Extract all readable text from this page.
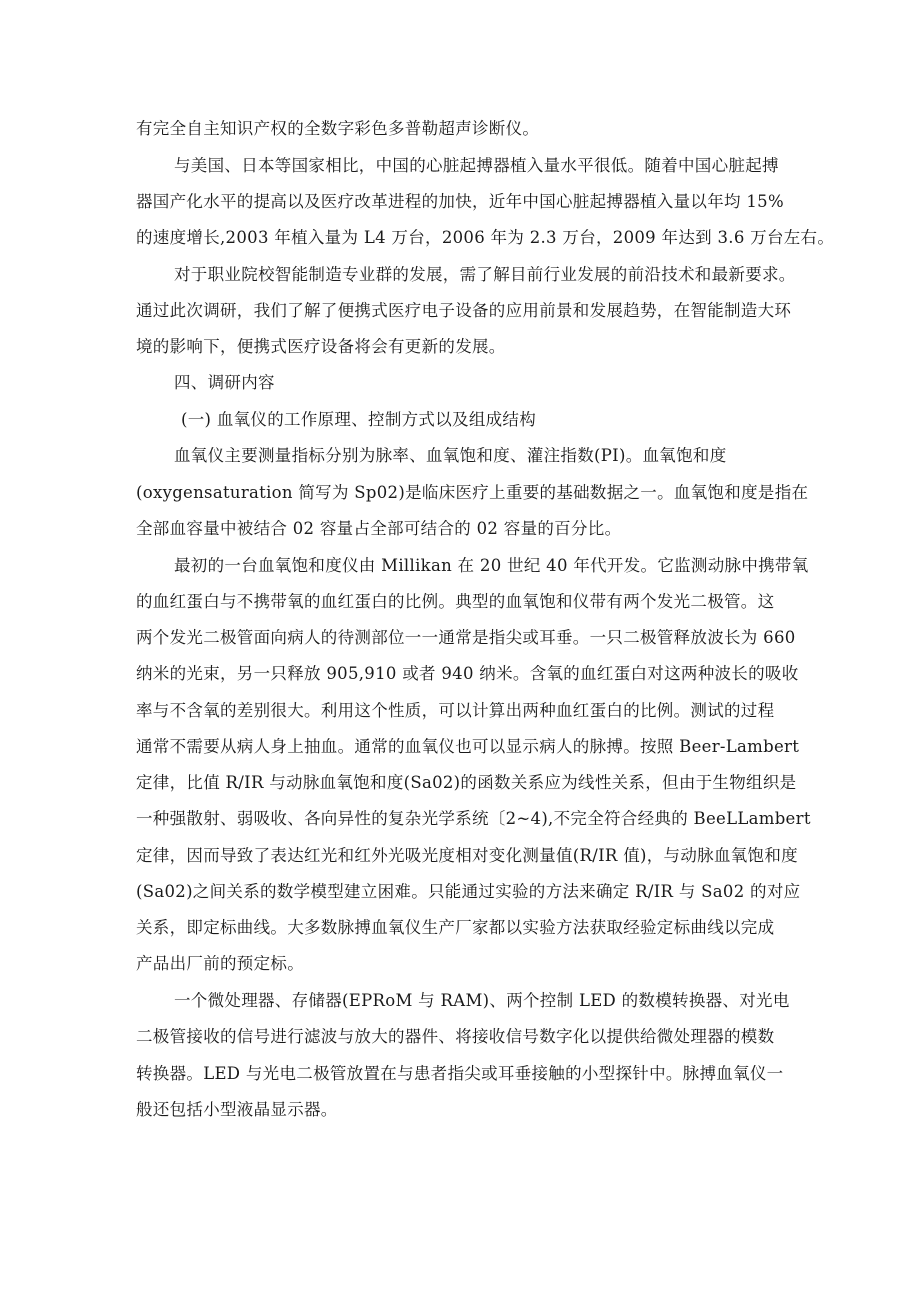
有完全自主知识产权的全数字彩色多普勒超声诊断仪。
与美国、日本等国家相比，中国的心脏起搏器植入量水平很低。随着中国心脏起搏
器国产化水平的提高以及医疗改革进程的加快，近年中国心脏起搏器植入量以年均 15%
的速度增长,2003 年植入量为 L4 万台，2006 年为 2.3 万台，2009 年达到 3.6 万台左右。
对于职业院校智能制造专业群的发展，需了解目前行业发展的前沿技术和最新要求。
通过此次调研，我们了解了便携式医疗电子设备的应用前景和发展趋势，在智能制造大环
境的影响下，便携式医疗设备将会有更新的发展。
四、调研内容
(一) 血氧仪的工作原理、控制方式以及组成结构
血氧仪主要测量指标分别为脉率、血氧饱和度、灌注指数(PI)。血氧饱和度
(oxygensaturation 简写为 Sp02)是临床医疗上重要的基础数据之一。血氧饱和度是指在
全部血容量中被结合 02 容量占全部可结合的 02 容量的百分比。
最初的一台血氧饱和度仪由 Millikan 在 20 世纪 40 年代开发。它监测动脉中携带氧
的血红蛋白与不携带氧的血红蛋白的比例。典型的血氧饱和仪带有两个发光二极管。这
两个发光二极管面向病人的待测部位一一通常是指尖或耳垂。一只二极管释放波长为 660
纳米的光束，另一只释放 905,910 或者 940 纳米。含氧的血红蛋白对这两种波长的吸收
率与不含氧的差别很大。利用这个性质，可以计算出两种血红蛋白的比例。测试的过程
通常不需要从病人身上抽血。通常的血氧仪也可以显示病人的脉搏。按照 Beer-Lambert
定律，比值 R/IR 与动脉血氧饱和度(Sa02)的函数关系应为线性关系，但由于生物组织是
一种强散射、弱吸收、各向异性的复杂光学系统〔2~4),不完全符合经典的 BeeLLambert
定律，因而导致了表达红光和红外光吸光度相对变化测量值(R/IR 值)，与动脉血氧饱和度
(Sa02)之间关系的数学模型建立困难。只能通过实验的方法来确定 R/IR 与 Sa02 的对应
关系，即定标曲线。大多数脉搏血氧仪生产厂家都以实验方法获取经验定标曲线以完成
产品出厂前的预定标。
一个微处理器、存储器(EPRoM 与 RAM)、两个控制 LED 的数模转换器、对光电
二极管接收的信号进行滤波与放大的器件、将接收信号数字化以提供给微处理器的模数
转换器。LED 与光电二极管放置在与患者指尖或耳垂接触的小型探针中。脉搏血氧仪一
般还包括小型液晶显示器。
